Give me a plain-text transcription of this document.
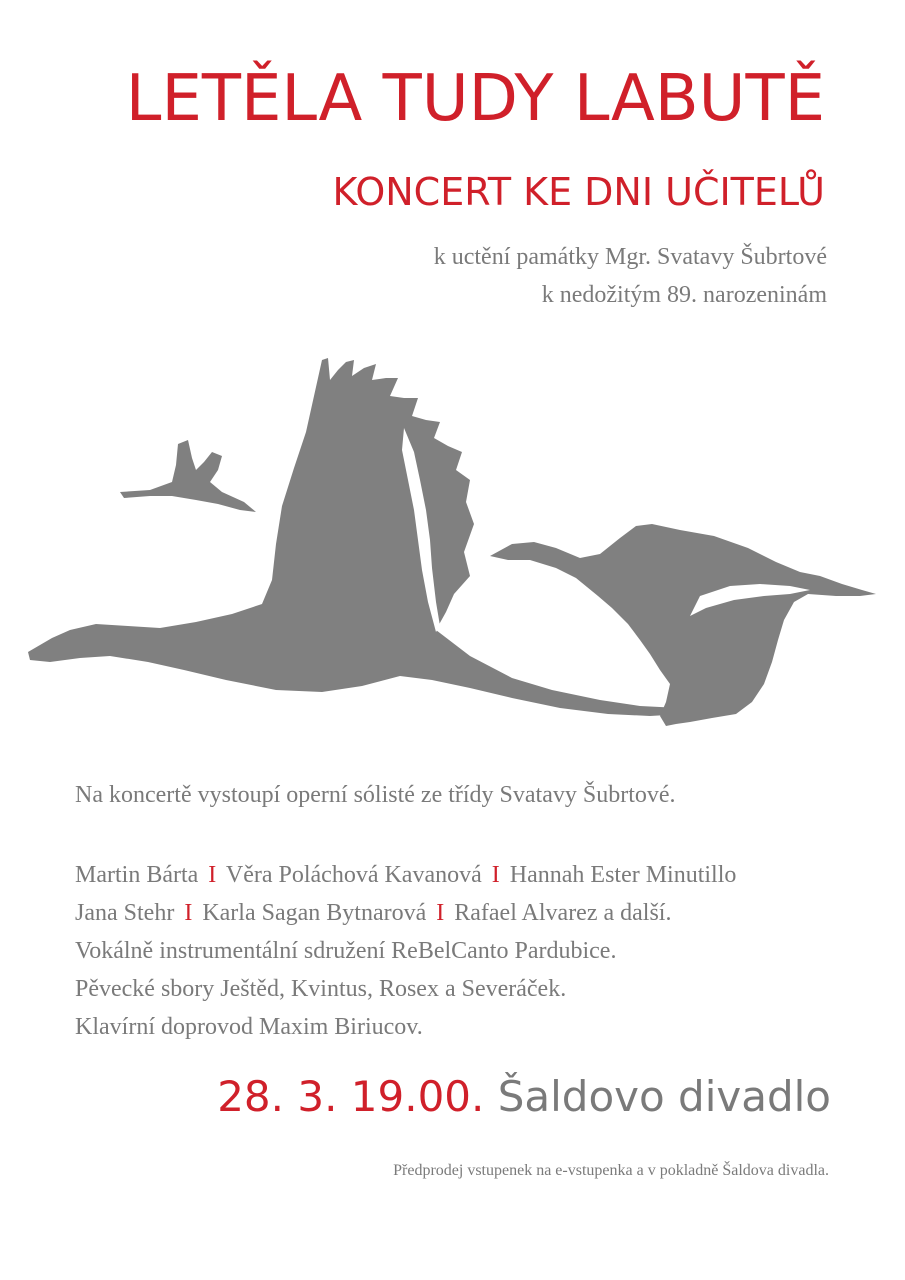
LETĚLA TUDY LABUTĚ
KONCERT KE DNI UČITELŮ
k uctění památky Mgr. Svatavy Šubrtové
k nedožitým 89. narozeninám
Na koncertě vystoupí operní sólisté ze třídy Svatavy Šubrtové.
Martin Bárta I Věra Poláchová Kavanová I Hannah Ester Minutillo
Jana Stehr I Karla Sagan Bytnarová I Rafael Alvarez a další.
Vokálně instrumentální sdružení ReBelCanto Pardubice.
Pěvecké sbory Ještěd, Kvintus, Rosex a Severáček.
Klavírní doprovod Maxim Biriucov.
28. 3. 19.00. Šaldovo divadlo
Předprodej vstupenek na e-vstupenka a v pokladně Šaldova divadla.
